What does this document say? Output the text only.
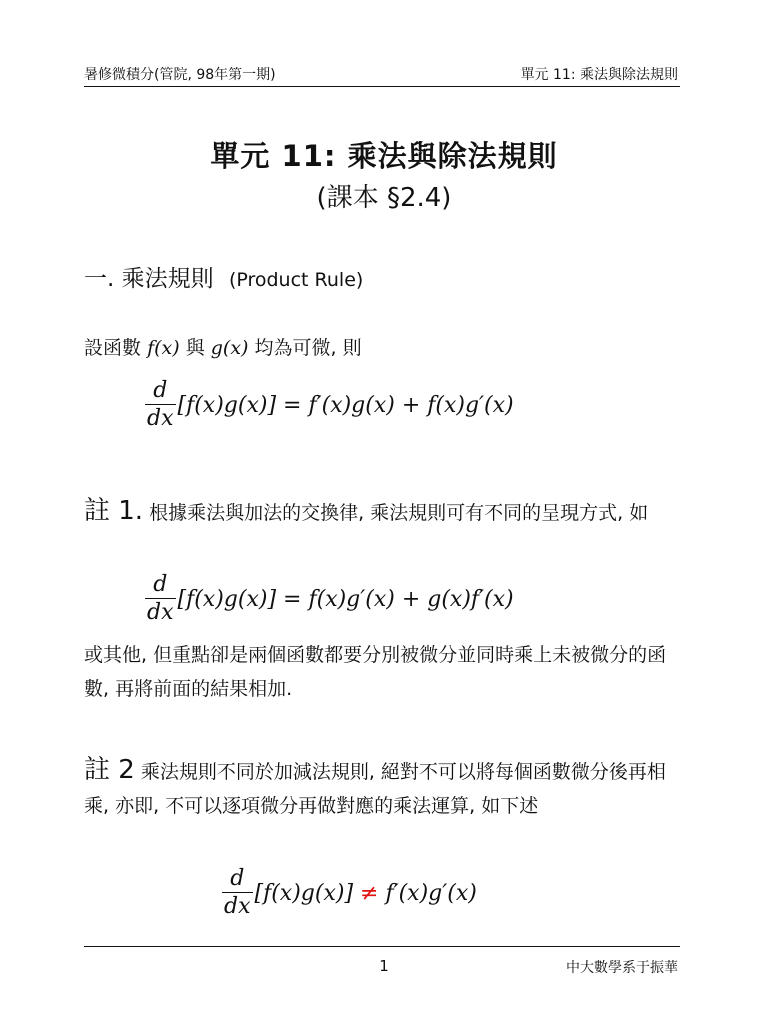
暑修微積分(管院, 98年第一期)	單元 11: 乘法與除法規則
單元 11: 乘法與除法規則
(課本 §2.4)
一. 乘法規則 (Product Rule)
設函數 f(x) 與 g(x) 均為可微, 則
$\frac{d}{dx} [f(x)g(x)] = f'(x)g(x) + f(x)g'(x)$
註 1. 根據乘法與加法的交換律, 乘法規則可有不同的呈現方式, 如
$\frac{d}{dx} [f(x)g(x)] = f(x)g'(x) + g(x)f'(x)$
或其他, 但重點卻是兩個函數都要分別被微分並同時乘上未被微分的函數, 再將前面的結果相加.
註 2 乘法規則不同於加減法規則, 絕對不可以將每個函數微分後再相乘, 亦即, 不可以逐項微分再做對應的乘法運算, 如下述
$\frac{d}{dx} [f(x)g(x)] \ne f'(x)g'(x)$
1	中大數學系于振華
